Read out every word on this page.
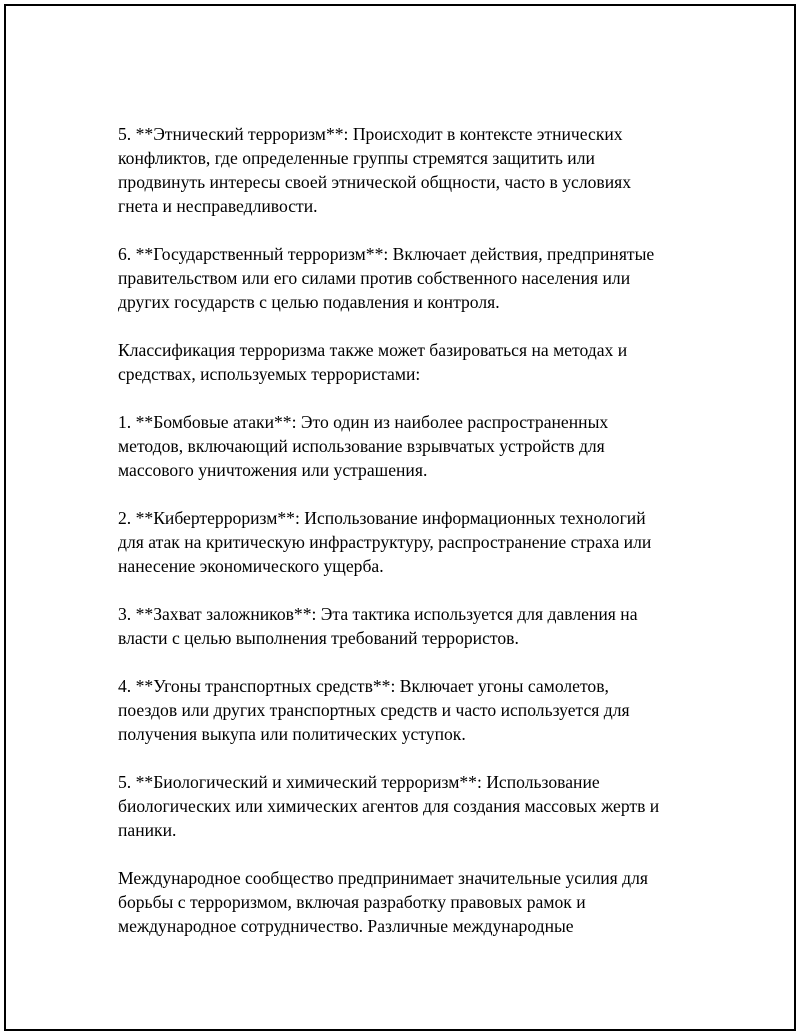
5. **Этнический терроризм**: Происходит в контексте этнических
конфликтов, где определенные группы стремятся защитить или
продвинуть интересы своей этнической общности, часто в условиях
гнета и несправедливости.
6. **Государственный терроризм**: Включает действия, предпринятые
правительством или его силами против собственного населения или
других государств с целью подавления и контроля.
Классификация терроризма также может базироваться на методах и
средствах, используемых террористами:
1. **Бомбовые атаки**: Это один из наиболее распространенных
методов, включающий использование взрывчатых устройств для
массового уничтожения или устрашения.
2. **Кибертерроризм**: Использование информационных технологий
для атак на критическую инфраструктуру, распространение страха или
нанесение экономического ущерба.
3. **Захват заложников**: Эта тактика используется для давления на
власти с целью выполнения требований террористов.
4. **Угоны транспортных средств**: Включает угоны самолетов,
поездов или других транспортных средств и часто используется для
получения выкупа или политических уступок.
5. **Биологический и химический терроризм**: Использование
биологических или химических агентов для создания массовых жертв и
паники.
Международное сообщество предпринимает значительные усилия для
борьбы с терроризмом, включая разработку правовых рамок и
международное сотрудничество. Различные международные
